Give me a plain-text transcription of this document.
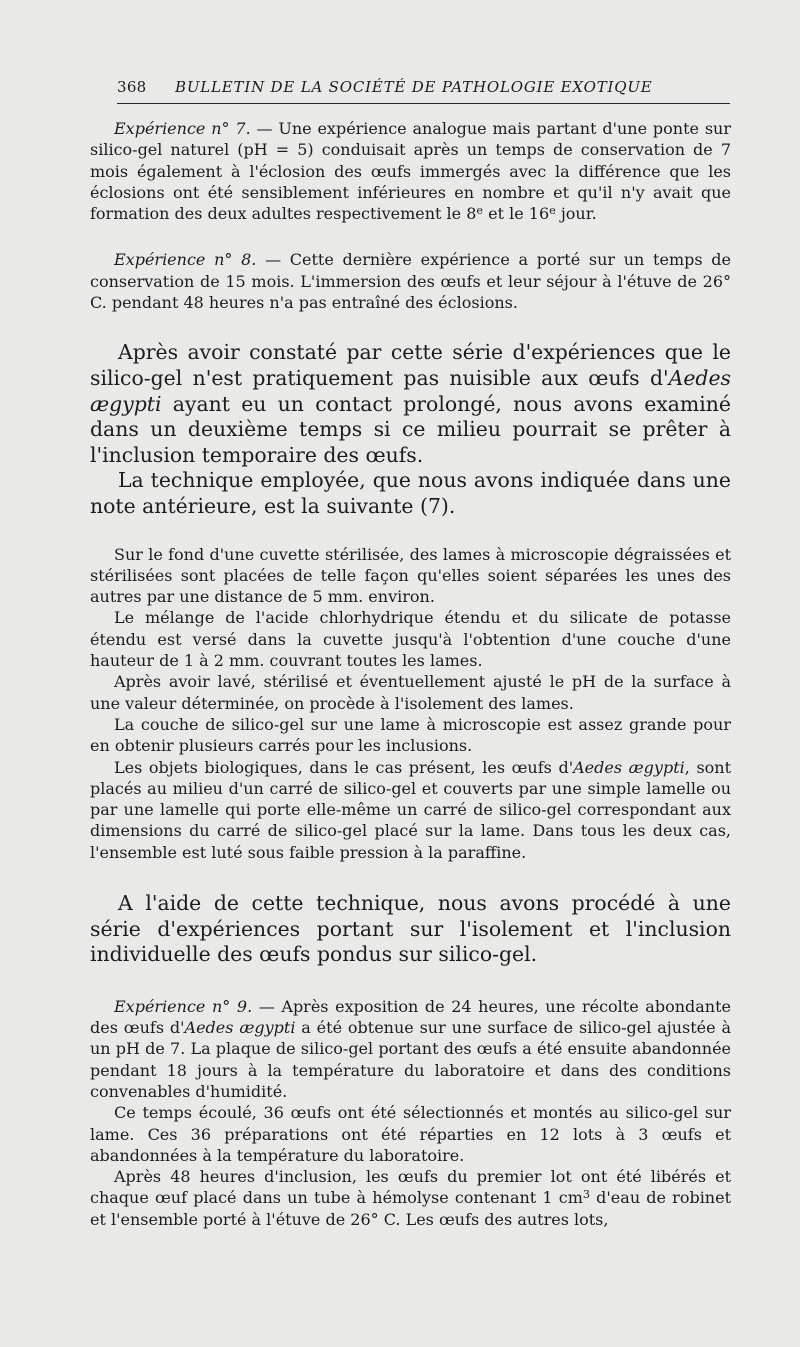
368	BULLETIN DE LA SOCIÉTÉ DE PATHOLOGIE EXOTIQUE

Expérience n° 7. — Une expérience analogue mais partant d'une ponte sur silico-gel naturel (pH = 5) conduisait après un temps de conservation de 7 mois également à l'éclosion des œufs immergés avec la différence que les éclosions ont été sensiblement inférieures en nombre et qu'il n'y avait que formation des deux adultes respectivement le 8e et le 16e jour.

Expérience n° 8. — Cette dernière expérience a porté sur un temps de conservation de 15 mois. L'immersion des œufs et leur séjour à l'étuve de 26° C. pendant 48 heures n'a pas entraîné des éclosions.

Après avoir constaté par cette série d'expériences que le silico-gel n'est pratiquement pas nuisible aux œufs d'Aedes ægypti ayant eu un contact prolongé, nous avons examiné dans un deuxième temps si ce milieu pourrait se prêter à l'inclusion temporaire des œufs.

La technique employée, que nous avons indiquée dans une note antérieure, est la suivante (7).

Sur le fond d'une cuvette stérilisée, des lames à microscopie dégraissées et stérilisées sont placées de telle façon qu'elles soient séparées les unes des autres par une distance de 5 mm. environ.

Le mélange de l'acide chlorhydrique étendu et du silicate de potasse étendu est versé dans la cuvette jusqu'à l'obtention d'une couche d'une hauteur de 1 à 2 mm. couvrant toutes les lames.

Après avoir lavé, stérilisé et éventuellement ajusté le pH de la surface à une valeur déterminée, on procède à l'isolement des lames.

La couche de silico-gel sur une lame à microscopie est assez grande pour en obtenir plusieurs carrés pour les inclusions.

Les objets biologiques, dans le cas présent, les œufs d'Aedes ægypti, sont placés au milieu d'un carré de silico-gel et couverts par une simple lamelle ou par une lamelle qui porte elle-même un carré de silico-gel correspondant aux dimensions du carré de silico-gel placé sur la lame. Dans tous les deux cas, l'ensemble est luté sous faible pression à la paraffine.

A l'aide de cette technique, nous avons procédé à une série d'expériences portant sur l'isolement et l'inclusion individuelle des œufs pondus sur silico-gel.

Expérience n° 9. — Après exposition de 24 heures, une récolte abondante des œufs d'Aedes ægypti a été obtenue sur une surface de silico-gel ajustée à un pH de 7. La plaque de silico-gel portant des œufs a été ensuite abandonnée pendant 18 jours à la température du laboratoire et dans des conditions convenables d'humidité.

Ce temps écoulé, 36 œufs ont été sélectionnés et montés au silico-gel sur lame. Ces 36 préparations ont été réparties en 12 lots à 3 œufs et abandonnées à la température du laboratoire.

Après 48 heures d'inclusion, les œufs du premier lot ont été libérés et chaque œuf placé dans un tube à hémolyse contenant 1 $cm^3$ d'eau de robinet et l'ensemble porté à l'étuve de 26° C. Les œufs des autres lots,
